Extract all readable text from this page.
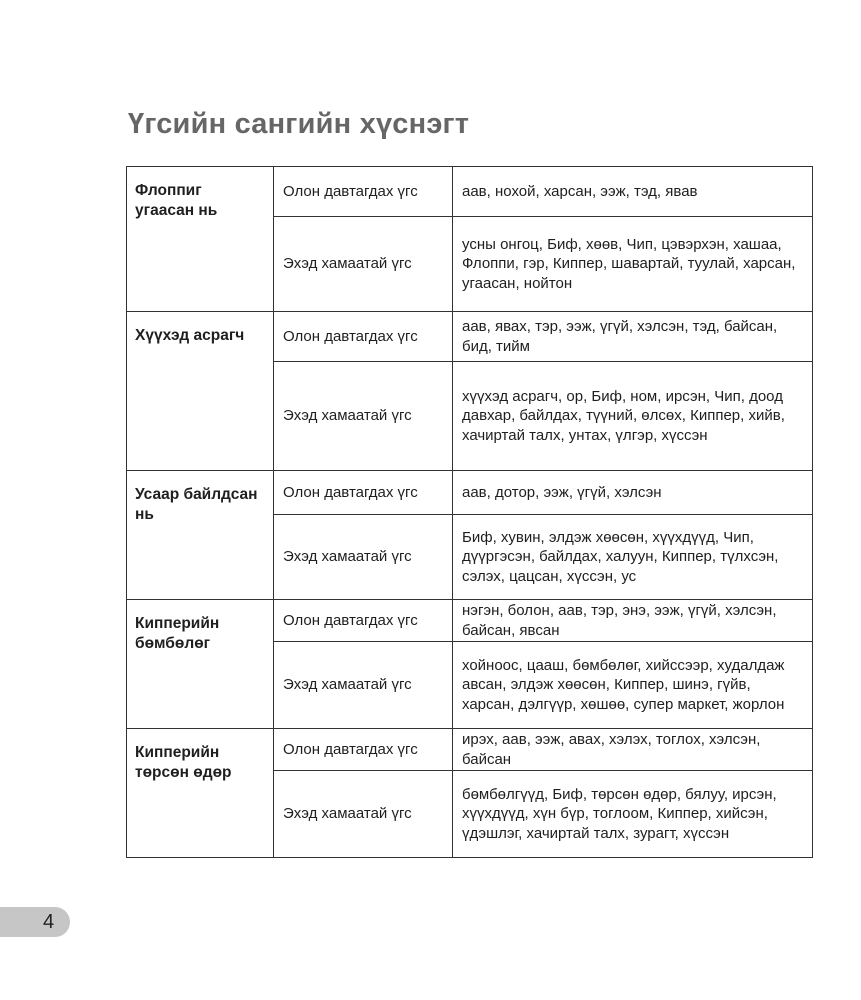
Үгсийн сангийн хүснэгт
Флоппиг угаасан нь	Олон давтагдах үгс	аав, нохой, харсан, ээж, тэд, явав
	Эхэд хамаатай үгс	усны онгоц, Биф, хөөв, Чип, цэвэрхэн, хашаа, Флоппи, гэр, Киппер, шавартай, туулай, харсан, угаасан, нойтон
Хүүхэд асрагч	Олон давтагдах үгс	аав, явах, тэр, ээж, үгүй, хэлсэн, тэд, байсан, бид, тийм
	Эхэд хамаатай үгс	хүүхэд асрагч, ор, Биф, ном, ирсэн, Чип, доод давхар, байлдах, түүний, өлсөх, Киппер, хийв, хачиртай талх, унтах, үлгэр, хүссэн
Усаар байлдсан нь	Олон давтагдах үгс	аав, дотор, ээж, үгүй, хэлсэн
	Эхэд хамаатай үгс	Биф, хувин, элдэж хөөсөн, хүүхдүүд, Чип, дүүргэсэн, байлдах, халуун, Киппер, түлхсэн, сэлэх, цацсан, хүссэн, ус
Кипперийн бөмбөлөг	Олон давтагдах үгс	нэгэн, болон, аав, тэр, энэ, ээж, үгүй, хэлсэн, байсан, явсан
	Эхэд хамаатай үгс	хойноос, цааш, бөмбөлөг, хийссээр, худалдаж авсан, элдэж хөөсөн, Киппер, шинэ, гүйв, харсан, дэлгүүр, хөшөө, супер маркет, жорлон
Кипперийн төрсөн өдөр	Олон давтагдах үгс	ирэх, аав, ээж, авах, хэлэх, тоглох, хэлсэн, байсан
	Эхэд хамаатай үгс	бөмбөлгүүд, Биф, төрсөн өдөр, бялуу, ирсэн, хүүхдүүд, хүн бүр, тоглоом, Киппер, хийсэн, үдэшлэг, хачиртай талх, зурагт, хүссэн
4
